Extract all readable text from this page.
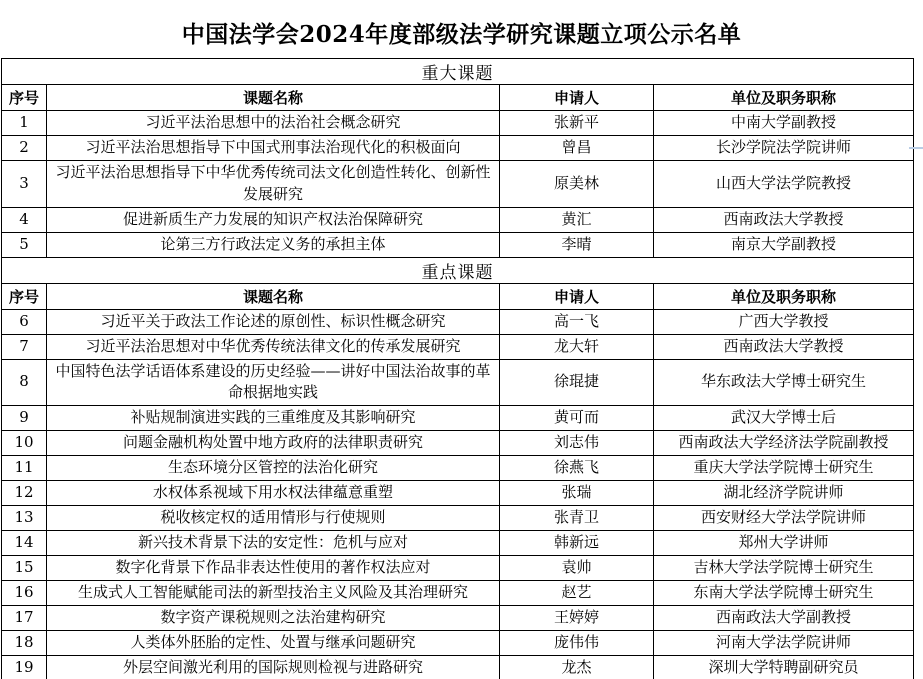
中国法学会2024年度部级法学研究课题立项公示名单
重大课题			
序号	课题名称	申请人	单位及职务职称
1	习近平法治思想中的法治社会概念研究	张新平	中南大学副教授
2	习近平法治思想指导下中国式刑事法治现代化的积极面向	曾昌	长沙学院法学院讲师
3	习近平法治思想指导下中华优秀传统司法文化创造性转化、创新性发展研究	原美林	山西大学法学院教授
4	促进新质生产力发展的知识产权法治保障研究	黄汇	西南政法大学教授
5	论第三方行政法定义务的承担主体	李晴	南京大学副教授
重点课题			
序号	课题名称	申请人	单位及职务职称
6	习近平关于政法工作论述的原创性、标识性概念研究	高一飞	广西大学教授
7	习近平法治思想对中华优秀传统法律文化的传承发展研究	龙大轩	西南政法大学教授
8	中国特色法学话语体系建设的历史经验——讲好中国法治故事的革命根据地实践	徐琨捷	华东政法大学博士研究生
9	补贴规制演进实践的三重维度及其影响研究	黄可而	武汉大学博士后
10	问题金融机构处置中地方政府的法律职责研究	刘志伟	西南政法大学经济法学院副教授
11	生态环境分区管控的法治化研究	徐燕飞	重庆大学法学院博士研究生
12	水权体系视域下用水权法律蕴意重塑	张瑞	湖北经济学院讲师
13	税收核定权的适用情形与行使规则	张青卫	西安财经大学法学院讲师
14	新兴技术背景下法的安定性：危机与应对	韩新远	郑州大学讲师
15	数字化背景下作品非表达性使用的著作权法应对	袁帅	吉林大学法学院博士研究生
16	生成式人工智能赋能司法的新型技治主义风险及其治理研究	赵艺	东南大学法学院博士研究生
17	数字资产课税规则之法治建构研究	王婷婷	西南政法大学副教授
18	人类体外胚胎的定性、处置与继承问题研究	庞伟伟	河南大学法学院讲师
19	外层空间激光利用的国际规则检视与进路研究	龙杰	深圳大学特聘副研究员
